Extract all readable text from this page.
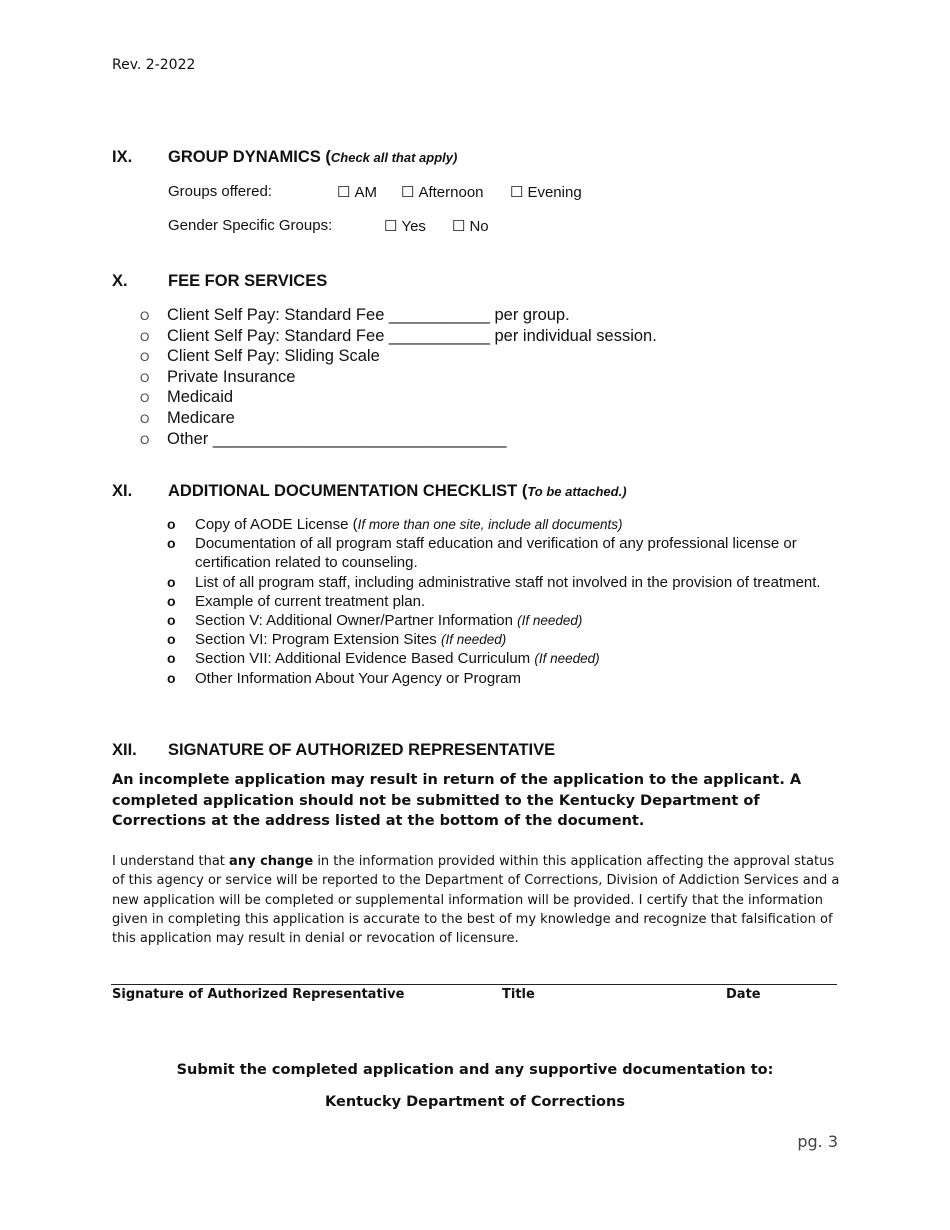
Rev. 2-2022
IX. GROUP DYNAMICS (Check all that apply)
Groups offered:	☐ AM ☐ Afternoon ☐ Evening
Gender Specific Groups:	☐ Yes ☐ No
X. FEE FOR SERVICES
O Client Self Pay: Standard Fee ___________ per group.
O Client Self Pay: Standard Fee ___________ per individual session.
O Client Self Pay: Sliding Scale
O Private Insurance
O Medicaid
O Medicare
O Other ________________________________
XI. ADDITIONAL DOCUMENTATION CHECKLIST (To be attached.)
o	Copy of AODE License (If more than one site, include all documents)
o	Documentation of all program staff education and verification of any professional license or certification related to counseling.
o	List of all program staff, including administrative staff not involved in the provision of treatment.
o	Example of current treatment plan.
o	Section V: Additional Owner/Partner Information (If needed)
o	Section VI: Program Extension Sites (If needed)
o	Section VII: Additional Evidence Based Curriculum (If needed)
o	Other Information About Your Agency or Program
XII. SIGNATURE OF AUTHORIZED REPRESENTATIVE
An incomplete application may result in return of the application to the applicant. A completed application should not be submitted to the Kentucky Department of Corrections at the address listed at the bottom of the document.
I understand that any change in the information provided within this application affecting the approval status of this agency or service will be reported to the Department of Corrections, Division of Addiction Services and a new application will be completed or supplemental information will be provided. I certify that the information given in completing this application is accurate to the best of my knowledge and recognize that falsification of this application may result in denial or revocation of licensure.
Signature of Authorized Representative	Title	Date
Submit the completed application and any supportive documentation to:
Kentucky Department of Corrections
pg. 3
